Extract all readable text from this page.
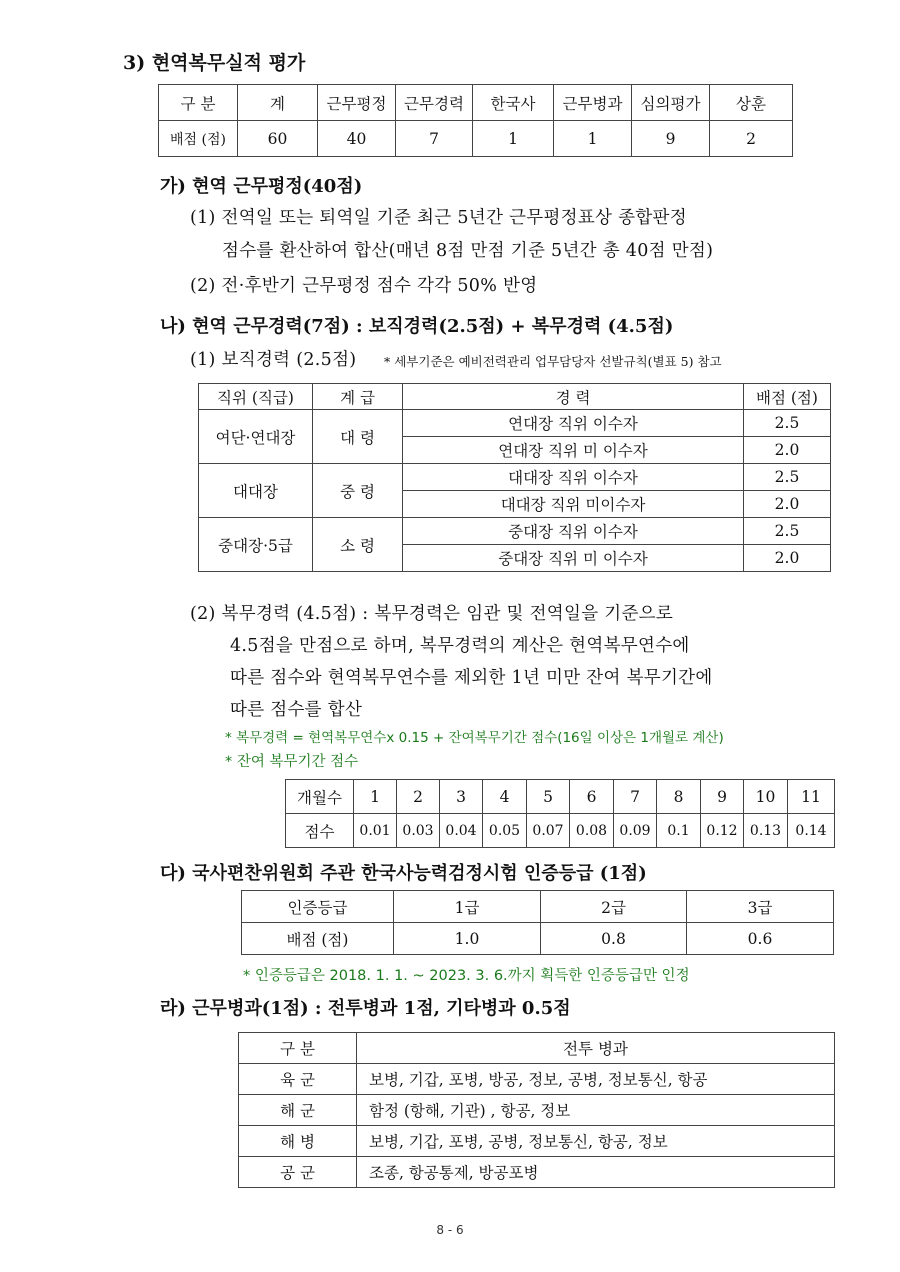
3) 현역복무실적 평가
구 분	계	근무평정	근무경력	한국사	근무병과	심의평가	상훈
배점 (점)	60	40	7	1	1	9	2
가) 현역 근무평정(40점)
(1) 전역일 또는 퇴역일 기준 최근 5년간 근무평정표상 종합판정
점수를 환산하여 합산(매년 8점 만점 기준 5년간 총 40점 만점)
(2) 전·후반기 근무평정 점수 각각 50% 반영
나) 현역 근무경력(7점) : 보직경력(2.5점) + 복무경력 (4.5점)
(1) 보직경력 (2.5점) * 세부기준은 예비전력관리 업무담당자 선발규칙(별표 5) 참고
직위 (직급)	계 급	경 력	배점 (점)
여단·연대장	대 령	연대장 직위 이수자	2.5
		연대장 직위 미 이수자	2.0
대대장	중 령	대대장 직위 이수자	2.5
		대대장 직위 미이수자	2.0
중대장·5급	소 령	중대장 직위 이수자	2.5
		중대장 직위 미 이수자	2.0
(2) 복무경력 (4.5점) : 복무경력은 임관 및 전역일을 기준으로
4.5점을 만점으로 하며, 복무경력의 계산은 현역복무연수에
따른 점수와 현역복무연수를 제외한 1년 미만 잔여 복무기간에
따른 점수를 합산
* 복무경력 = 현역복무연수x 0.15 + 잔여복무기간 점수(16일 이상은 1개월로 계산)
* 잔여 복무기간 점수
개월수	1	2	3	4	5	6	7	8	9	10	11
점수	0.01	0.03	0.04	0.05	0.07	0.08	0.09	0.1	0.12	0.13	0.14
다) 국사편찬위원회 주관 한국사능력검정시험 인증등급 (1점)
인증등급	1급	2급	3급
배점 (점)	1.0	0.8	0.6
* 인증등급은 2018. 1. 1. ~ 2023. 3. 6.까지 획득한 인증등급만 인정
라) 근무병과(1점) : 전투병과 1점, 기타병과 0.5점
구 분	전투 병과
육 군	보병, 기갑, 포병, 방공, 정보, 공병, 정보통신, 항공
해 군	함정 (항해, 기관) , 항공, 정보
해 병	보병, 기갑, 포병, 공병, 정보통신, 항공, 정보
공 군	조종, 항공통제, 방공포병
8 - 6
